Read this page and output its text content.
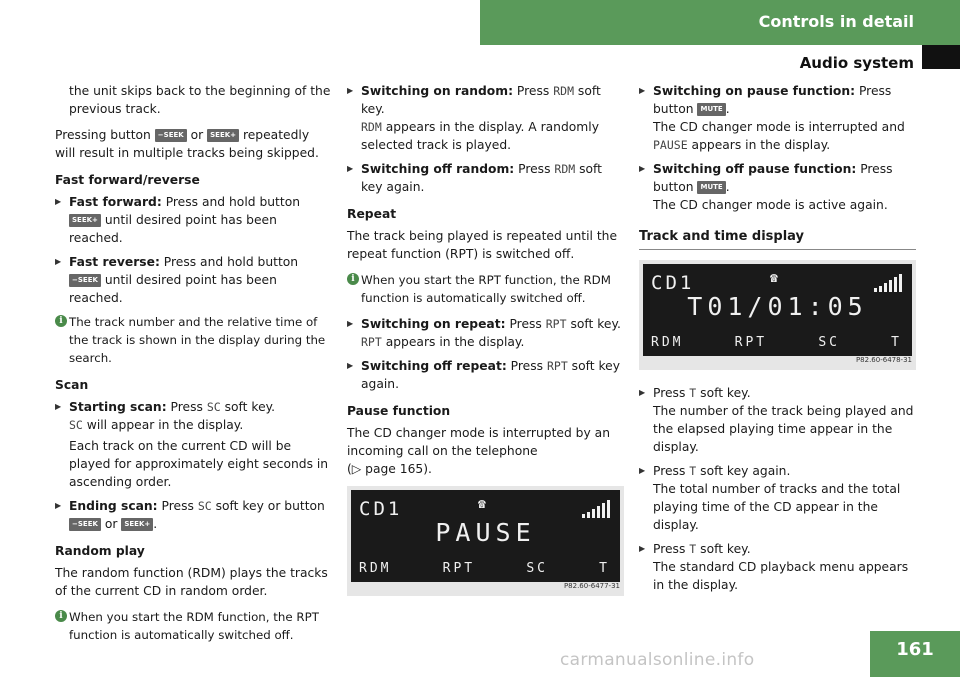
Controls in detail
Audio system

the unit skips back to the beginning of the previous track.

Pressing button −SEEK or SEEK+ repeatedly will result in multiple tracks being skipped.

Fast forward/reverse
▶ Fast forward: Press and hold button
SEEK+ until desired point has been reached.
▶ Fast reverse: Press and hold button
−SEEK until desired point has been reached.
i The track number and the relative time of the track is shown in the display during the search.
Scan
▶ Starting scan: Press SC soft key.
SC will appear in the display.
Each track on the current CD will be played for approximately eight seconds in ascending order.
▶ Ending scan: Press SC soft key or button
−SEEK or SEEK+ .
Random play

The random function (RDM) plays the tracks of the current CD in random order.

i When you start the RDM function, the RPT function is automatically switched off.
▶ Switching on random: Press RDM soft key.
RDM appears in the display. A randomly selected track is played.
▶ Switching off random: Press RDM soft key again.
Repeat

The track being played is repeated until the repeat function (RPT) is switched off.

i When you start the RPT function, the RDM function is automatically switched off.
▶ Switching on repeat: Press RPT soft key.
RPT appears in the display.
▶ Switching off repeat: Press RPT soft key again.
Pause function

The CD changer mode is interrupted by an incoming call on the telephone
(▷ page 165).

CD1	☎
PAUSE
RDM	RPT	SC	T
P82.60-6477-31
▶ Switching on pause function: Press button MUTE .
The CD changer mode is interrupted and
PAUSE appears in the display.
▶ Switching off pause function: Press button MUTE .
The CD changer mode is active again.
Track and time display
CD1	☎
T01/01:05
RDM	RPT	SC	T
P82.60-6478-31
▶ Press T soft key.
The number of the track being played and the elapsed playing time appear in the display.
▶ Press T soft key again.
The total number of tracks and the total playing time of the CD appear in the display.
▶ Press T soft key.
The standard CD playback menu appears in the display.
161
carmanualsonline.info
